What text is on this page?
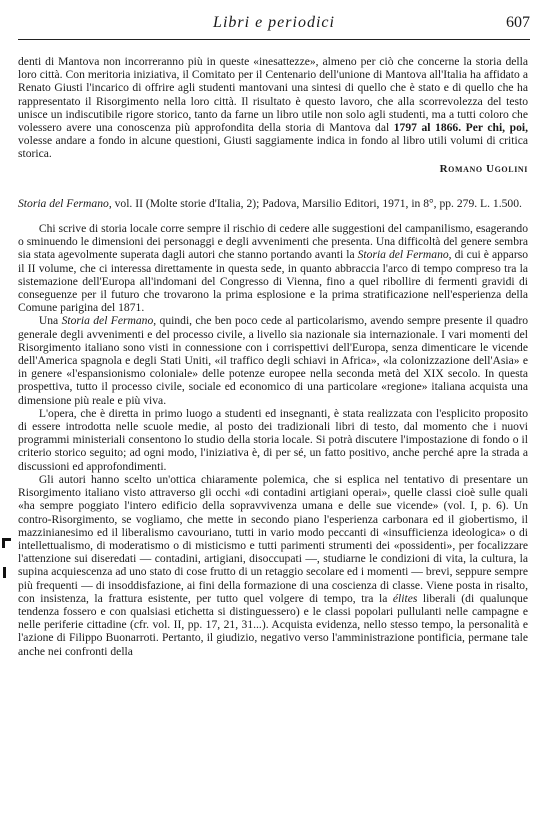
Libri e periodici	607

denti di Mantova non incorreranno più in queste «inesattezze», almeno per ciò che concerne la storia della loro città. Con meritoria iniziativa, il Comitato per il Centenario dell'unione di Mantova all'Italia ha affidato a Renato Giusti l'incarico di offrire agli studenti mantovani una sintesi di quello che è stato e di quello che ha rappresentato il Risorgimento nella loro città. Il risultato è questo lavoro, che alla scorrevolezza del testo unisce un indiscutibile rigore storico, tanto da farne un libro utile non solo agli studenti, ma a tutti coloro che volessero avere una conoscenza più approfondita della storia di Mantova dal 1797 al 1866. Per chi, poi, volesse andare a fondo in alcune questioni, Giusti saggiamente indica in fondo al libro utili volumi di critica storica.

Romano Ugolini

Storia del Fermano, vol. II (Molte storie d'Italia, 2); Padova, Marsilio Editori, 1971, in 8°, pp. 279. L. 1.500.

Chi scrive di storia locale corre sempre il rischio di cedere alle suggestioni del campanilismo, esagerando o sminuendo le dimensioni dei personaggi e degli avvenimenti che presenta. Una difficoltà del genere sembra sia stata agevolmente superata dagli autori che stanno portando avanti la Storia del Fermano, di cui è apparso il II volume, che ci interessa direttamente in questa sede, in quanto abbraccia l'arco di tempo compreso tra la sistemazione dell'Europa all'indomani del Congresso di Vienna, fino a quel ribollire di fermenti gravidi di conseguenze per il futuro che trovarono la prima esplosione e la prima stratificazione nell'esperienza della Comune parigina del 1871.

Una Storia del Fermano, quindi, che ben poco cede al particolarismo, avendo sempre presente il quadro generale degli avvenimenti e del processo civile, a livello sia nazionale sia internazionale. I vari momenti del Risorgimento italiano sono visti in connessione con i corrispettivi dell'Europa, senza dimenticare le vicende dell'America spagnola e degli Stati Uniti, «il traffico degli schiavi in Africa», «la colonizzazione dell'Asia» e in genere «l'espansionismo coloniale» delle potenze europee nella seconda metà del XIX secolo. In questa prospettiva, tutto il processo civile, sociale ed economico di una particolare «regione» italiana acquista una dimensione più reale e più viva.

L'opera, che è diretta in primo luogo a studenti ed insegnanti, è stata realizzata con l'esplicito proposito di essere introdotta nelle scuole medie, al posto dei tradizionali libri di testo, dal momento che i nuovi programmi ministeriali consentono lo studio della storia locale. Si potrà discutere l'impostazione di fondo o il criterio storico seguito; ad ogni modo, l'iniziativa è, di per sé, un fatto positivo, anche perché apre la strada a discussioni ed approfondimenti.

Gli autori hanno scelto un'ottica chiaramente polemica, che si esplica nel tentativo di presentare un Risorgimento italiano visto attraverso gli occhi «di contadini artigiani operai», quelle classi cioè sulle quali «ha sempre poggiato l'intero edificio della sopravvivenza umana e delle sue vicende» (vol. I, p. 6). Un contro-Risorgimento, se vogliamo, che mette in secondo piano l'esperienza carbonara ed il giobertismo, il mazzinianesimo ed il liberalismo cavouriano, tutti in vario modo peccanti di «insufficienza ideologica» o di intellettualismo, di moderatismo o di misticismo e tutti parimenti strumenti dei «possidenti», per focalizzare l'attenzione sui diseredati — contadini, artigiani, disoccupati —, studiarne le condizioni di vita, la cultura, la supina acquiescenza ad uno stato di cose frutto di un retaggio secolare ed i momenti — brevi, seppure sempre più frequenti — di insoddisfazione, ai fini della formazione di una coscienza di classe. Viene posta in risalto, con insistenza, la frattura esistente, per tutto quel volgere di tempo, tra la élites liberali (di qualunque tendenza fossero e con qualsiasi etichetta si distinguessero) e le classi popolari pullulanti nelle campagne e nelle periferie cittadine (cfr. vol. II, pp. 17, 21, 31...). Acquista evidenza, nello stesso tempo, la personalità e l'azione di Filippo Buonarroti. Pertanto, il giudizio, negativo verso l'amministrazione pontificia, permane tale anche nei confronti della
